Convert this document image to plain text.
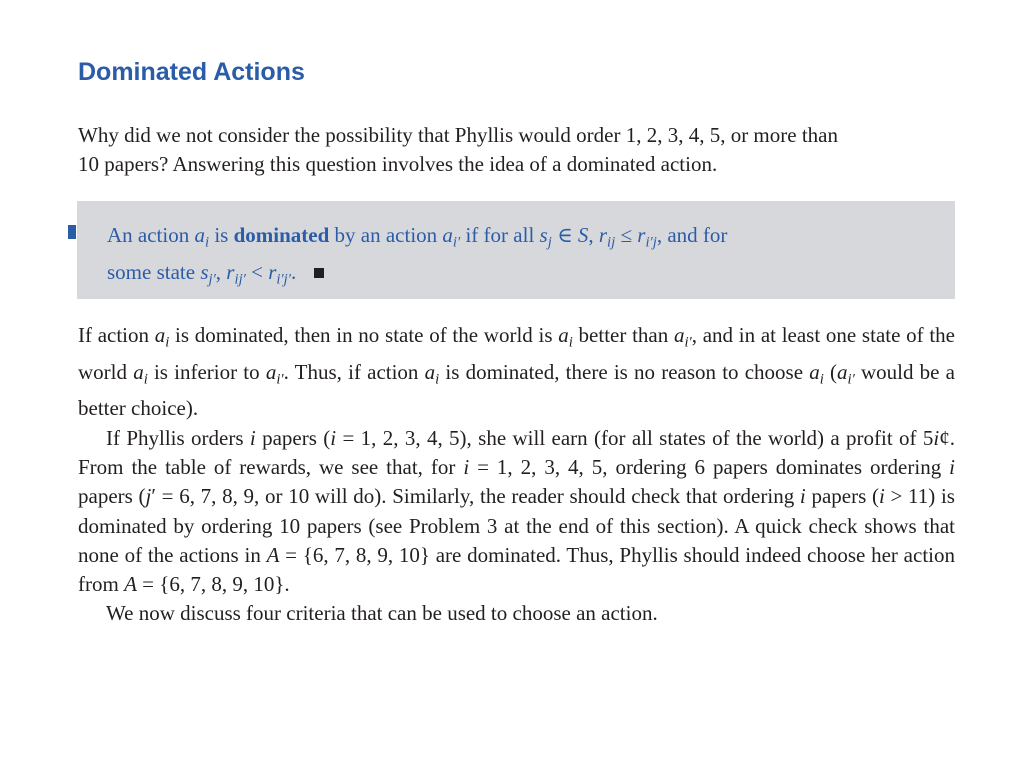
Dominated Actions
Why did we not consider the possibility that Phyllis would order 1, 2, 3, 4, 5, or more than
10 papers? Answering this question involves the idea of a dominated action.
An action $a_i$ is dominated by an action $a_{i'}$ if for all $s_j$ ∈ S, $r_{ij} \le r_{i'j}$, and for
some state $s_{j'}$, $r_{ij'} < r_{i'j'}$.
If action $a_i$ is dominated, then in no state of the world is $a_i$ better than $a_{i'}$, and in at least one state of the world $a_i$ is inferior to $a_{i'}$. Thus, if action $a_i$ is dominated, there is no reason to choose $a_i$ ($a_{i'}$ would be a better choice).
If Phyllis orders i papers (i = 1, 2, 3, 4, 5), she will earn (for all states of the world) a profit of 5i¢. From the table of rewards, we see that, for i = 1, 2, 3, 4, 5, ordering 6 papers dominates ordering i papers (j′ = 6, 7, 8, 9, or 10 will do). Similarly, the reader should check that ordering i papers (i > 11) is dominated by ordering 10 papers (see Problem 3 at the end of this section). A quick check shows that none of the actions in A = {6, 7, 8, 9, 10} are dominated. Thus, Phyllis should indeed choose her action from A = {6, 7, 8, 9, 10}.
We now discuss four criteria that can be used to choose an action.
